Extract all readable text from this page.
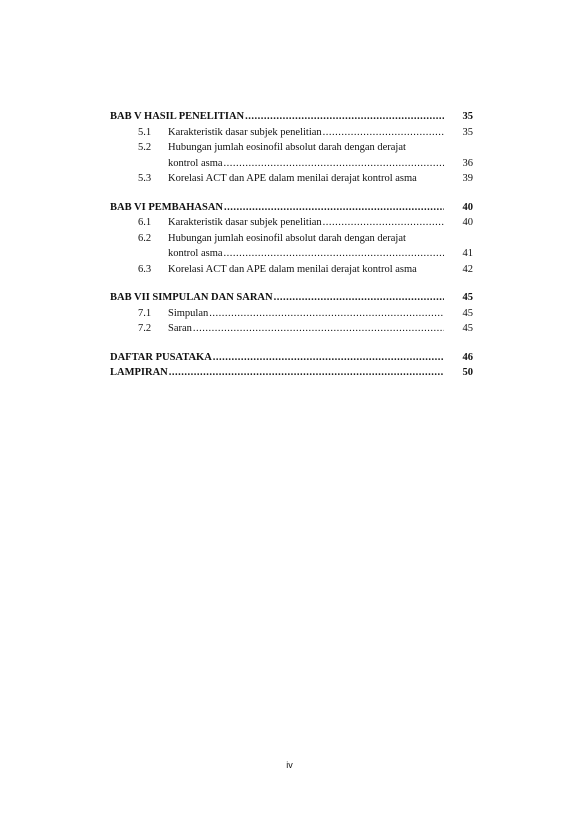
BAB V HASIL PENELITIAN .....	35
5.1	Karakteristik dasar subjek penelitian .....	35
5.2	Hubungan jumlah eosinofil absolut darah dengan derajat
kontrol asma .....	36
5.3	Korelasi ACT dan APE dalam menilai derajat kontrol asma	39
BAB VI PEMBAHASAN .....	40
6.1	Karakteristik dasar subjek penelitian .....	40
6.2	Hubungan jumlah eosinofil absolut darah dengan derajat
kontrol asma .....	41
6.3	Korelasi ACT dan APE dalam menilai derajat kontrol asma	42
BAB VII SIMPULAN DAN SARAN .....	45
7.1	Simpulan .....	45
7.2	Saran .....	45
DAFTAR PUSATAKA .....	46
LAMPIRAN .....	50
iv
